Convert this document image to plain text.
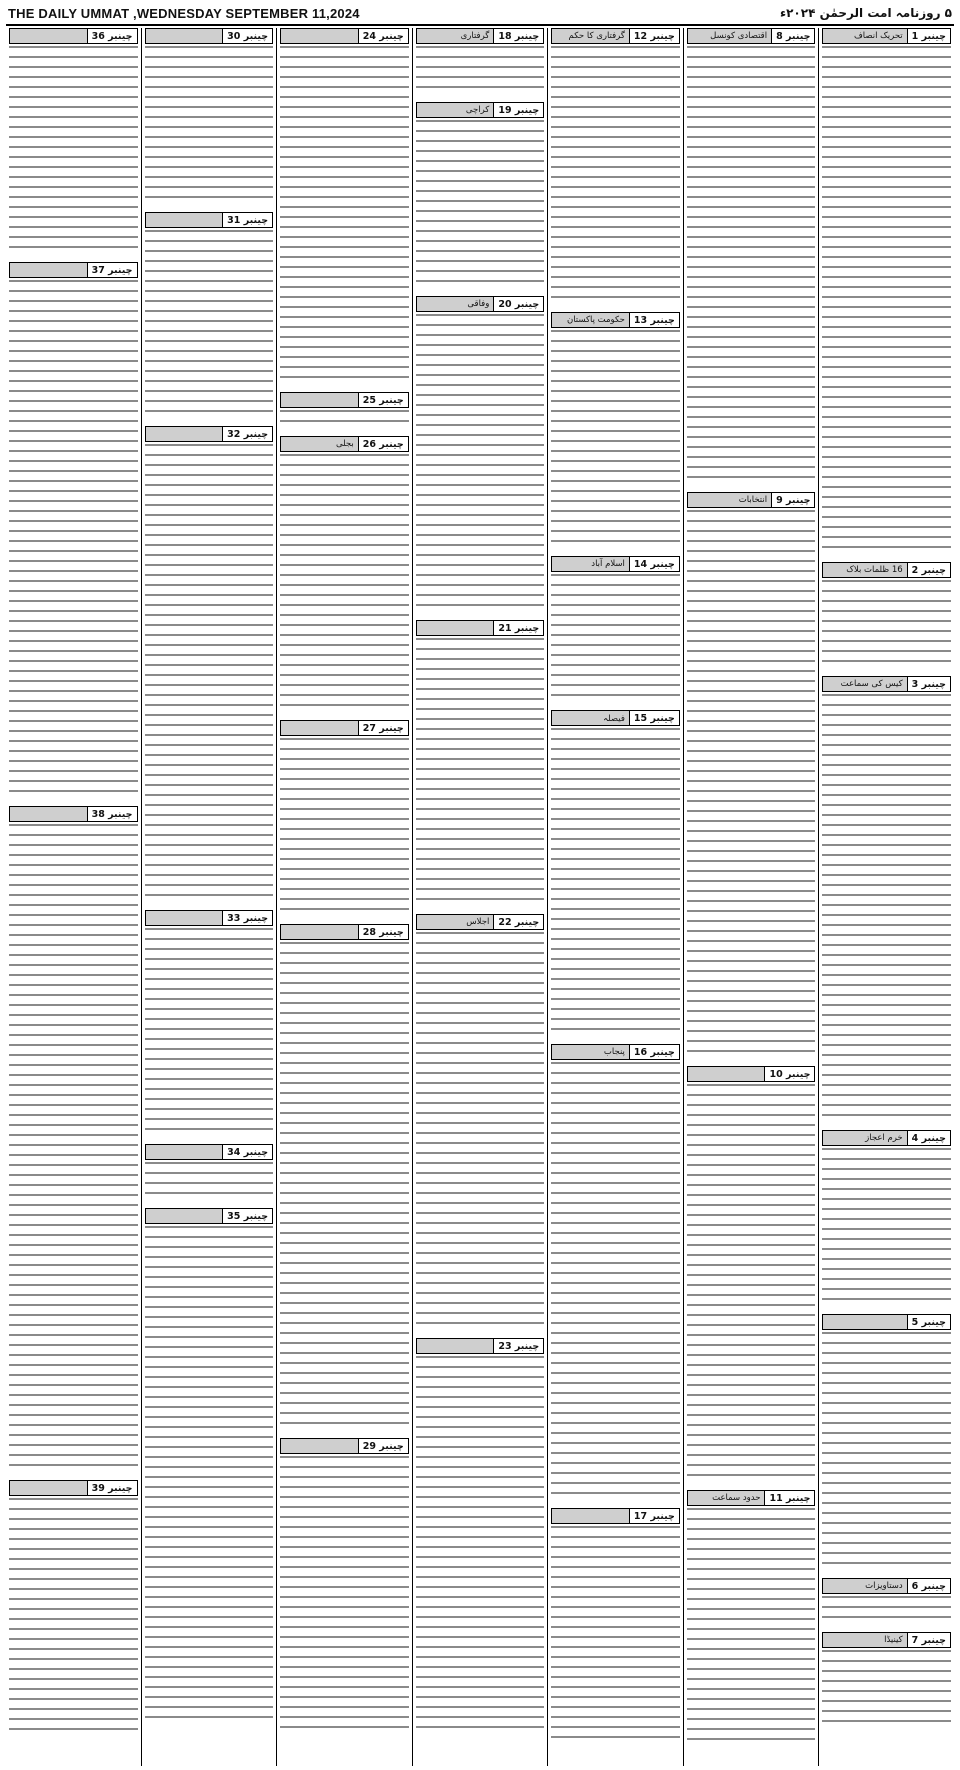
THE DAILY UMMAT ,WEDNESDAY SEPTEMBER 11,2024	۵ روزنامہ امت الرحمٰن ۲۰۲۴ء
چینبر 1
تحریک انصاف
چینبر 2
16 ظلمات بلاک
چینبر 3
کیس کی سماعت
چینبر 4
خرم اعجاز
چینبر 5
چینبر 6
دستاویزات
چینبر 7
کینیڈا
چینبر 8
اقتصادی کونسل
چینبر 9
انتخابات
چینبر 10
چینبر 11
حدود سماعت
چینبر 12
گرفتاری کا حکم
چینبر 13
حکومت پاکستان
چینبر 14
اسلام آباد
چینبر 15
فیصلہ
چینبر 16
پنجاب
چینبر 17
چینبر 18
گرفتاری
چینبر 19
کراچی
چینبر 20
وفاقی
چینبر 21
چینبر 22
اجلاس
چینبر 23
چینبر 24
چینبر 25
چینبر 26
بجلی
چینبر 27
چینبر 28
چینبر 29
چینبر 30
چینبر 31
چینبر 32
چینبر 33
چینبر 34
چینبر 35
چینبر 36
چینبر 37
چینبر 38
چینبر 39
